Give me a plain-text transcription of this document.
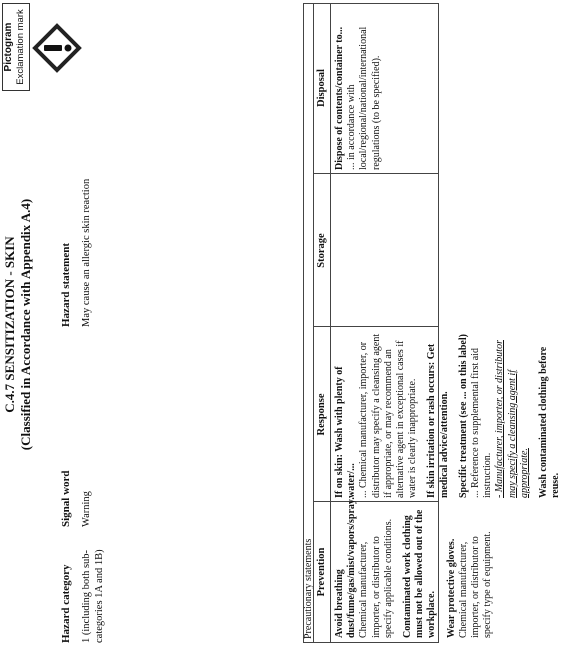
C.4.7 SENSITIZATION - SKIN (Classified in Accordance with Appendix A.4)
Pictogram Exclamation mark
Hazard category 1 (including both sub-categories 1A and 1B)
Signal word Warning
Hazard statement May cause an allergic skin reaction
Precautionary statements Prevention
Response
Storage
Disposal
Avoid breathing dust/fume/gas/mist/vapors/spray. Chemical manufacturer, importer, or distributor to specify applicable conditions. Contaminated work clothing must not be allowed out of the workplace. Wear protective gloves. Chemical manufacturer, importer, or distributor to specify type of equipment.
If on skin: Wash with plenty of water/... ... Chemical manufacturer, importer, or distributor may specify a cleansing agent if appropriate, or may recommend an alternative agent in exceptional cases if water is clearly inappropriate. If skin irritation or rash occurs: Get medical advice/attention. Specific treatment (see ... on this label) ... Reference to supplemental first aid instruction. - Manufacturer, importer, or distributor may specify a cleansing agent if appropriate. Wash contaminated clothing before reuse.
Dispose of contents/container to... ... in accordance with local/regional/national/international regulations (to be specified).
